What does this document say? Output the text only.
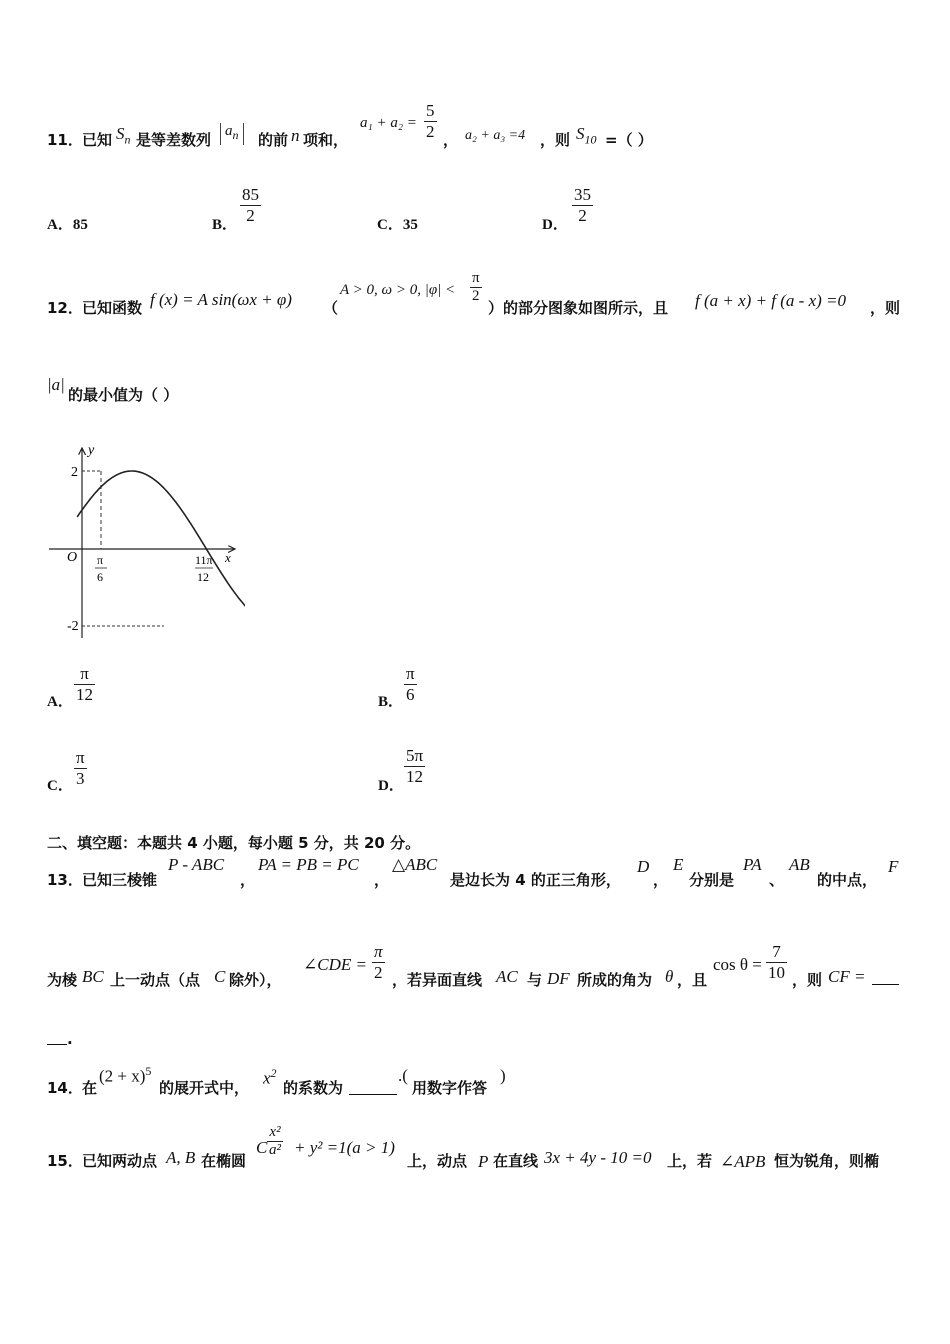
11． 已知 $S_n$ 是等差数列 $a_n$	的前 n 项和，
$a_1 + a_2 = \frac{5}{2}$ ， a₂ + a₃ =4 ，则 $S_{10}$ =（ ）
A．85	B． $\frac{85}{2}$	C．35	D． $\frac{35}{2}$
12． 已知函数 f (x) = A sin(ωx + φ) （
A > 0, ω > 0, $|\varphi| < \frac{\pi}{2}$
）的部分图象如图所示，且 f (a + x) + f (a - x) =0 ，则
|a|
的最小值为（ ）
y
x
O
2
-2
π
6
11π
12
A． $\frac{\pi}{12}$	B． $\frac{\pi}{6}$
C． $\frac{\pi}{3}$	D． $\frac{5\pi}{12}$
二、填空题：本题共 4 小题，每小题 5 分，共 20 分。
13． 已知三棱锥
P - ABC
，
PA = PB = PC
，
△ABC
是边长为 4 的正三角形，
D
，
E
分别是
PA
、
AB
的中点，
F
为棱 BC 上一动点（点 C 除外），
∠CDE = $\frac{\pi}{2}$ ，若异面直线 AC 与 DF 所成的角为 θ ，且
$\cos \theta = \frac{7}{10}$ ，则 CF =
.
14． 在
$(2 + x)^5$
的展开式中，
$x^2$
的系数为
.(
用数字作答
)
15． 已知两动点 A, B 在椭圆
C $\frac{\text{x²}}{\text{a²}} + y^2 =1(a > 1)$
上，动点 P 在直线 3x + 4y - 10 =0 上，若 ∠APB 恒为锐角，则椭
